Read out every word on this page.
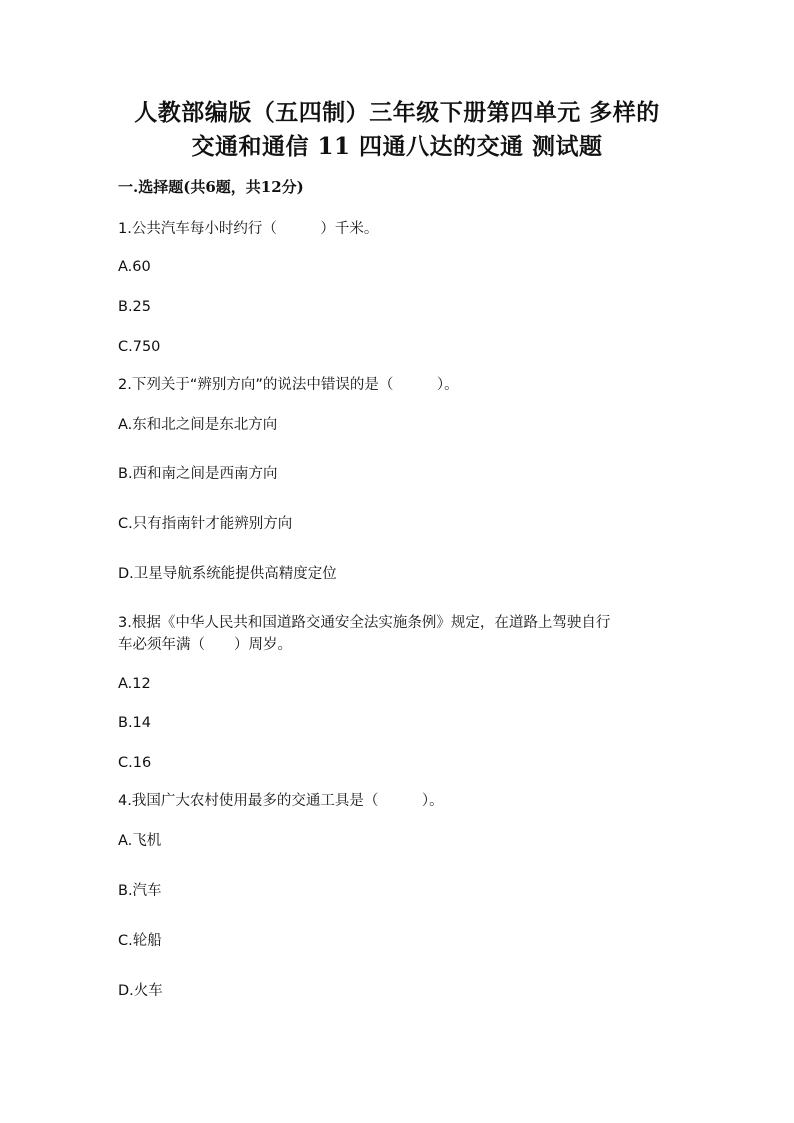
人教部编版（五四制）三年级下册第四单元 多样的
交通和通信 11 四通八达的交通 测试题
一.选择题(共6题，共12分)

1.公共汽车每小时约行（　　　）千米。

A.60

B.25

C.750

2.下列关于“辨别方向”的说法中错误的是（　　　）。

A.东和北之间是东北方向

B.西和南之间是西南方向

C.只有指南针才能辨别方向

D.卫星导航系统能提供高精度定位

3.根据《中华人民共和国道路交通安全法实施条例》规定，在道路上驾驶自行

车必须年满（　　）周岁。

A.12

B.14

C.16

4.我国广大农村使用最多的交通工具是（　　　）。

A.飞机

B.汽车

C.轮船

D.火车
